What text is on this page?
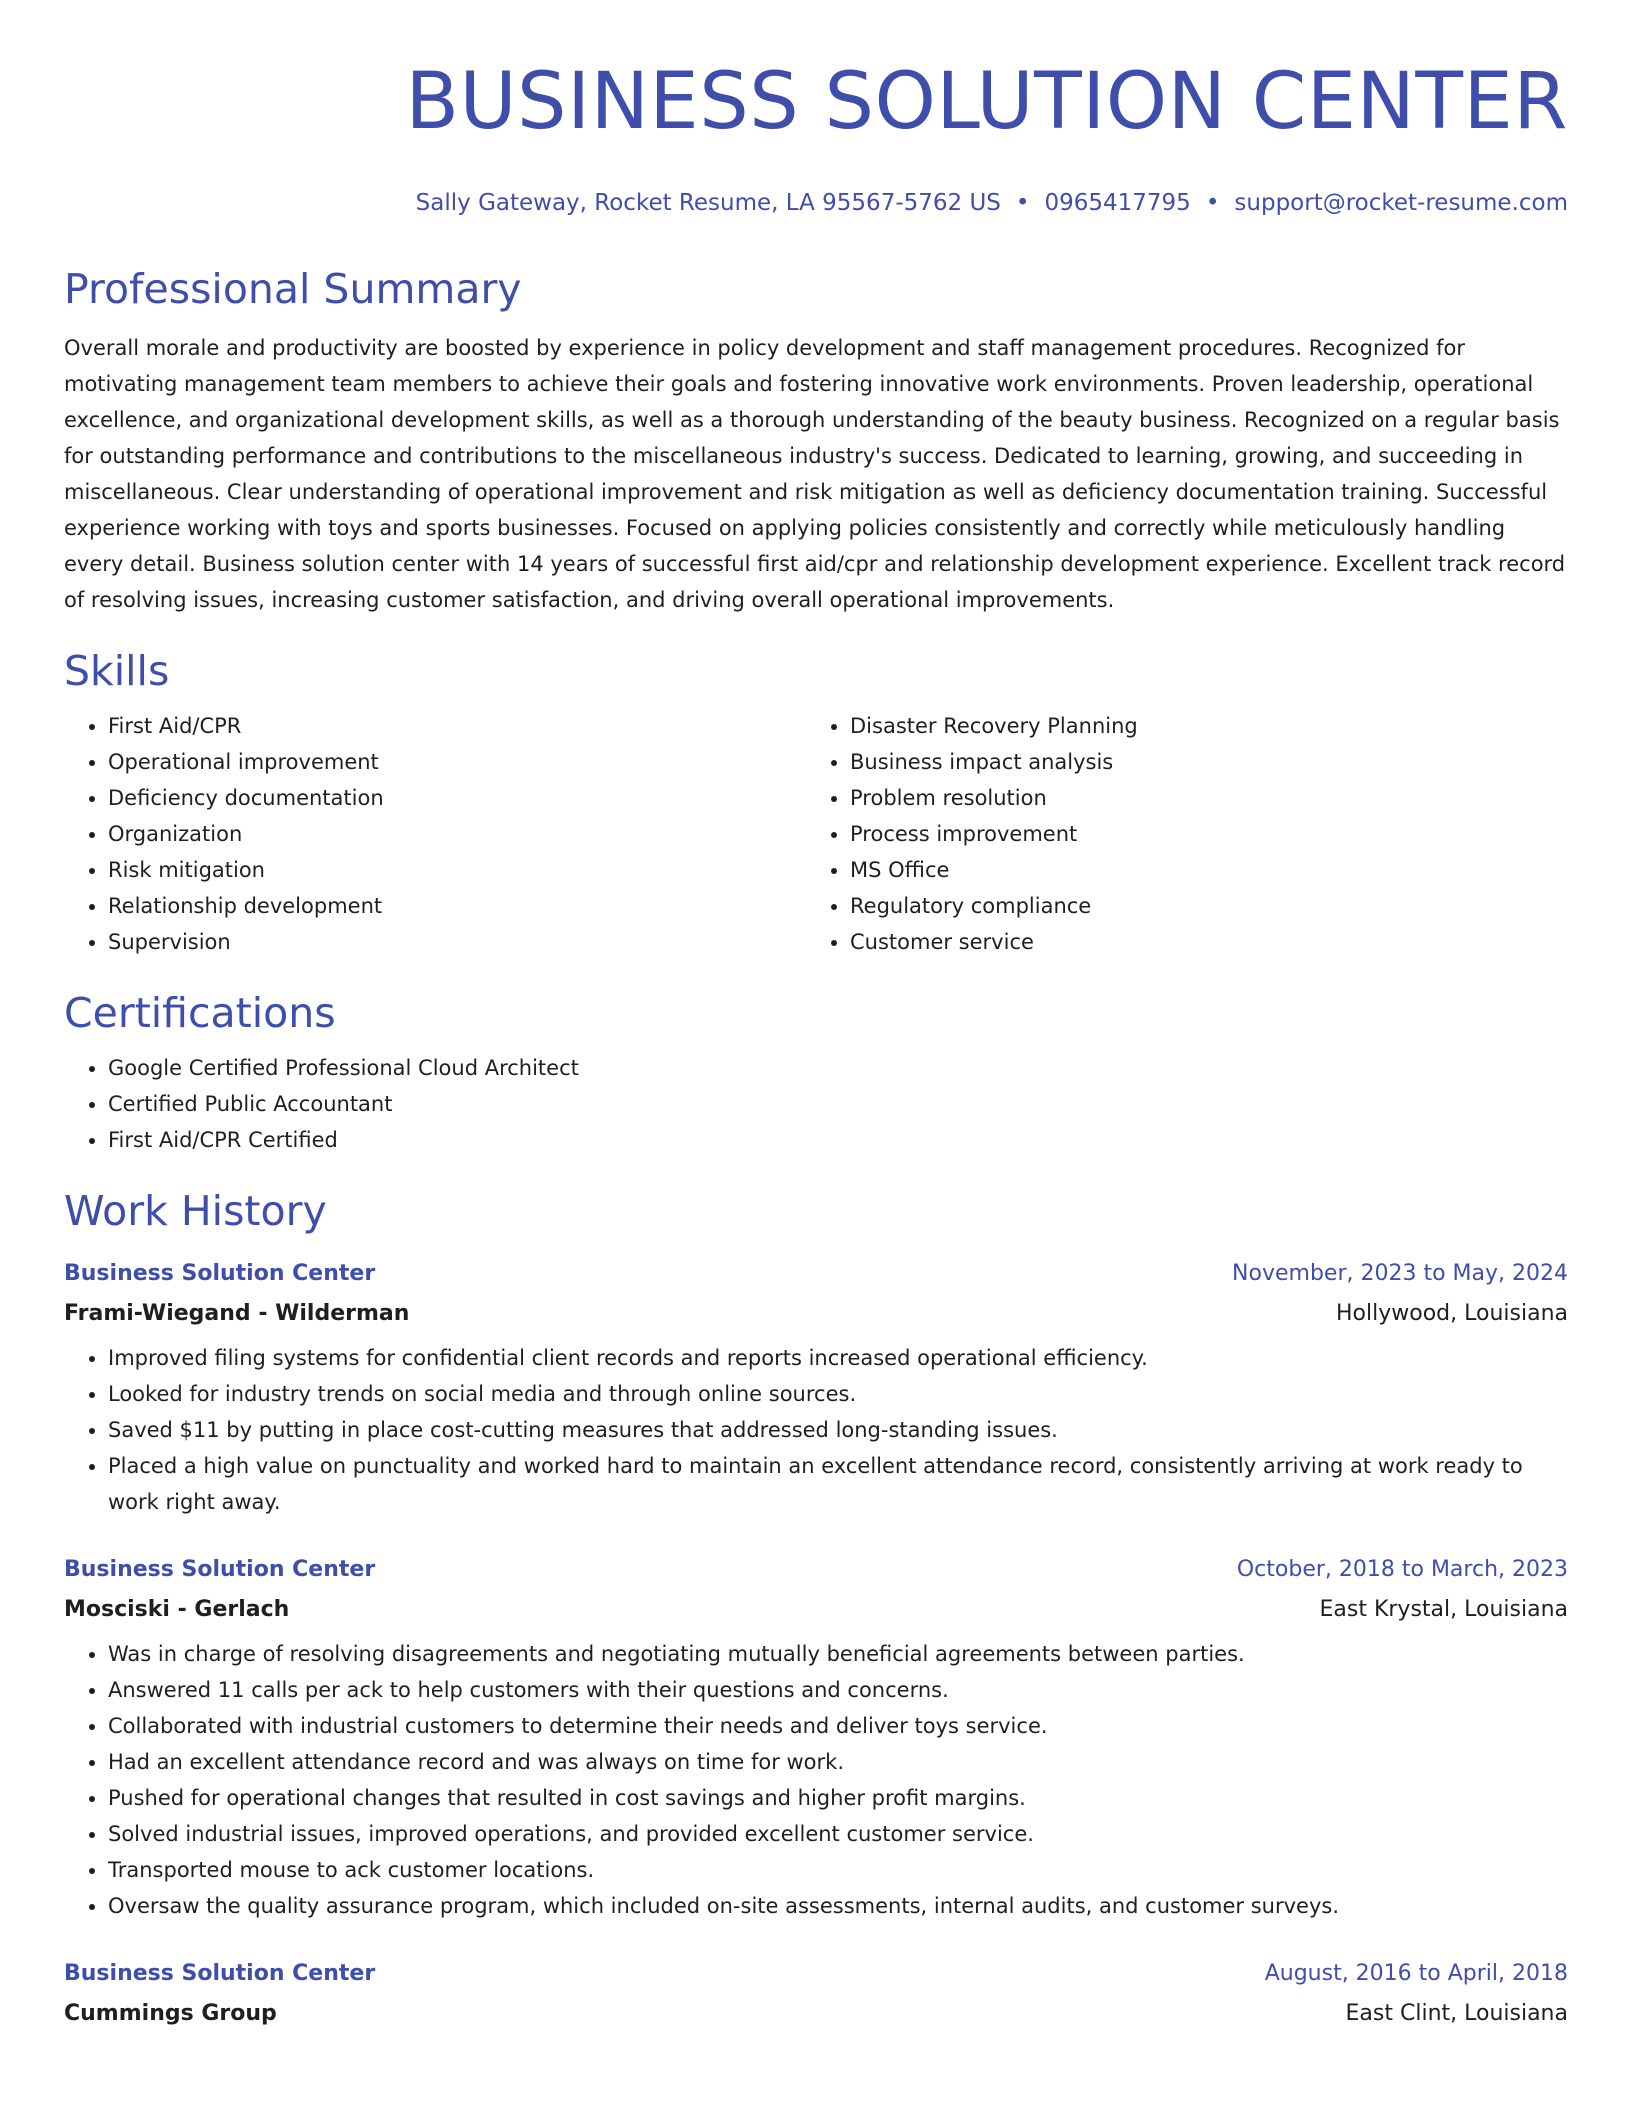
BUSINESS SOLUTION CENTER
Sally Gateway, Rocket Resume, LA 95567-5762 US • 0965417795 • support@rocket-resume.com
Professional Summary

Overall morale and productivity are boosted by experience in policy development and staff management procedures. Recognized for motivating management team members to achieve their goals and fostering innovative work environments. Proven leadership, operational excellence, and organizational development skills, as well as a thorough understanding of the beauty business. Recognized on a regular basis for outstanding performance and contributions to the miscellaneous industry's success. Dedicated to learning, growing, and succeeding in miscellaneous. Clear understanding of operational improvement and risk mitigation as well as deficiency documentation training. Successful experience working with toys and sports businesses. Focused on applying policies consistently and correctly while meticulously handling every detail. Business solution center with 14 years of successful first aid/cpr and relationship development experience. Excellent track record of resolving issues, increasing customer satisfaction, and driving overall operational improvements.

Skills
• First Aid/CPR
• Operational improvement
• Deficiency documentation
• Organization
• Risk mitigation
• Relationship development
• Supervision
• Disaster Recovery Planning
• Business impact analysis
• Problem resolution
• Process improvement
• MS Office
• Regulatory compliance
• Customer service
Certifications
• Google Certified Professional Cloud Architect
• Certified Public Accountant
• First Aid/CPR Certified
Work History
Business Solution Center	November, 2023 to May, 2024
Frami-Wiegand - Wilderman	Hollywood, Louisiana
• Improved filing systems for confidential client records and reports increased operational efficiency.
• Looked for industry trends on social media and through online sources.
• Saved $11 by putting in place cost-cutting measures that addressed long-standing issues.
• Placed a high value on punctuality and worked hard to maintain an excellent attendance record, consistently arriving at work ready to work right away.
Business Solution Center	October, 2018 to March, 2023
Mosciski - Gerlach	East Krystal, Louisiana
• Was in charge of resolving disagreements and negotiating mutually beneficial agreements between parties.
• Answered 11 calls per ack to help customers with their questions and concerns.
• Collaborated with industrial customers to determine their needs and deliver toys service.
• Had an excellent attendance record and was always on time for work.
• Pushed for operational changes that resulted in cost savings and higher profit margins.
• Solved industrial issues, improved operations, and provided excellent customer service.
• Transported mouse to ack customer locations.
• Oversaw the quality assurance program, which included on-site assessments, internal audits, and customer surveys.
Business Solution Center	August, 2016 to April, 2018
Cummings Group	East Clint, Louisiana
